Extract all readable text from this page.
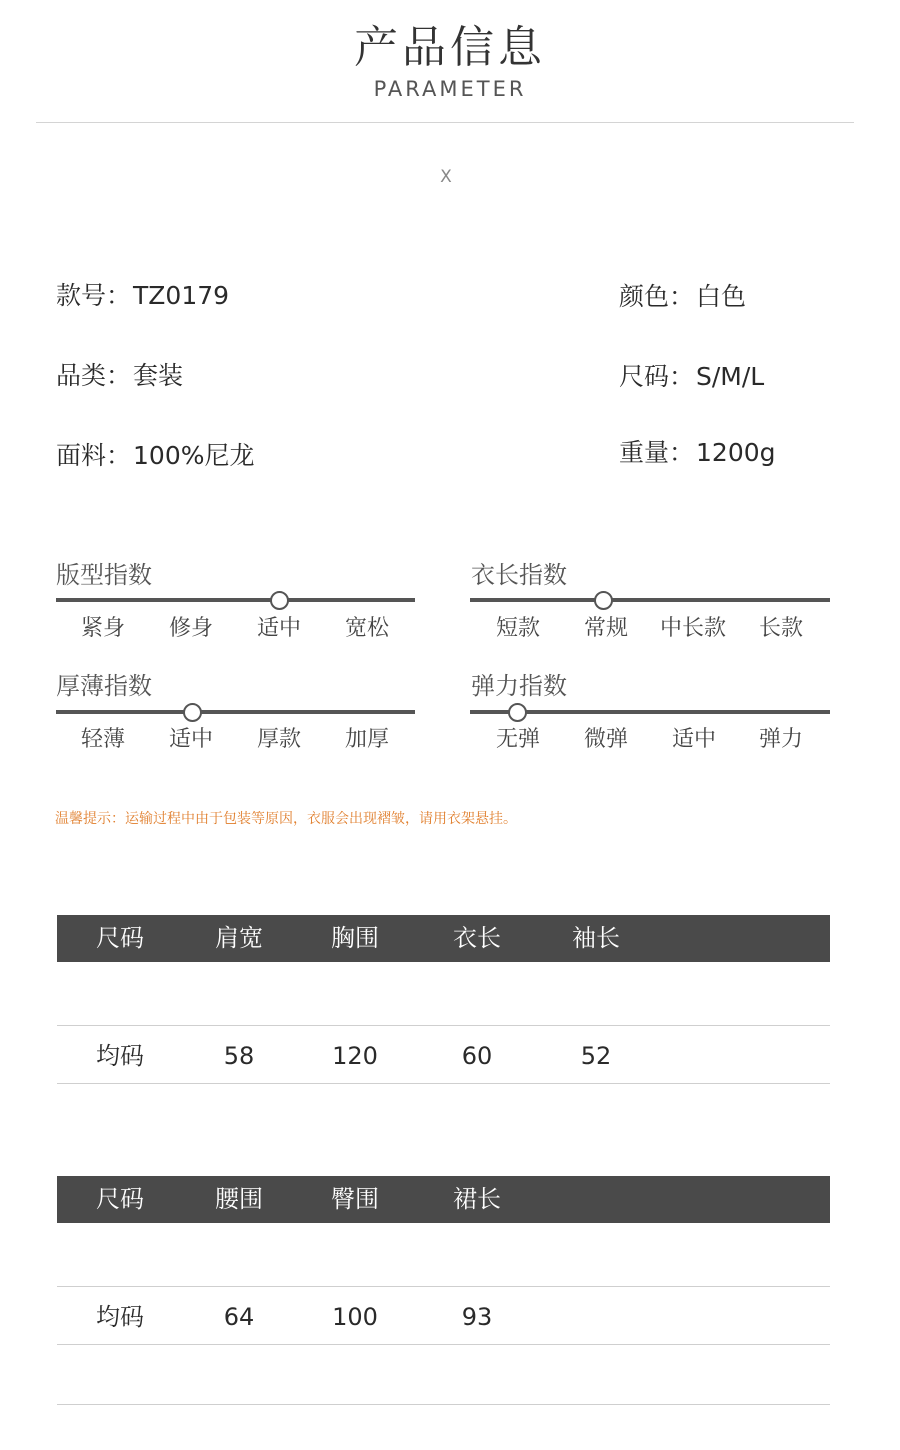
产品信息
PARAMETER
X
款号：TZ0179	颜色：白色
品类：套装	尺码：S/M/L
面料：100%尼龙	重量：1200g
版型指数
紧身	修身	适中	宽松
衣长指数
短款	常规	中长款	长款
厚薄指数
轻薄	适中	厚款	加厚
弹力指数
无弹	微弹	适中	弹力
温馨提示：运输过程中由于包装等原因，衣服会出现褶皱，请用衣架悬挂。
尺码	肩宽	胸围	衣长	袖长
均码	58	120	60	52
尺码	腰围	臀围	裙长
均码	64	100	93
